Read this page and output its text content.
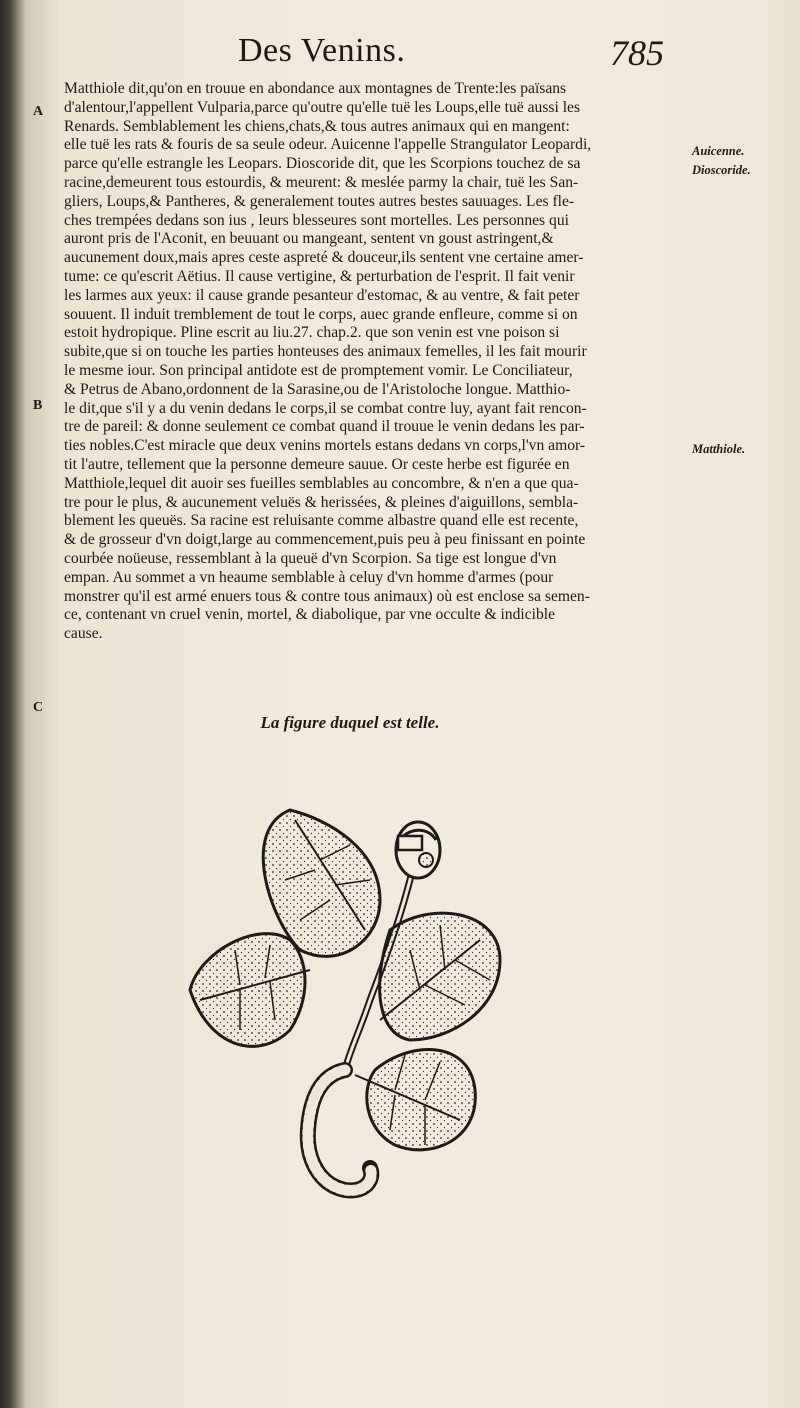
Des Venins.	785
A
B
C
Auicenne.
Dioscoride.
Matthiole.
Matthiole dit,qu'on en trouue en abondance aux montagnes de Trente:les païsans
d'alentour,l'appellent Vulparia,parce qu'outre qu'elle tuë les Loups,elle tuë aussi les
Renards. Semblablement les chiens,chats,& tous autres animaux qui en mangent:
elle tuë les rats & fouris de sa seule odeur. Auicenne l'appelle Strangulator Leopardi,
parce qu'elle estrangle les Leopars. Dioscoride dit, que les Scorpions touchez de sa
racine,demeurent tous estourdis, & meurent: & meslée parmy la chair, tuë les San-
gliers, Loups,& Pantheres, & generalement toutes autres bestes sauuages. Les fle-
ches trempées dedans son ius , leurs blesseures sont mortelles. Les personnes qui
auront pris de l'Aconit, en beuuant ou mangeant, sentent vn goust astringent,&
aucunement doux,mais apres ceste aspreté & douceur,ils sentent vne certaine amer-
tume: ce qu'escrit Aëtius. Il cause vertigine, & perturbation de l'esprit. Il fait venir
les larmes aux yeux: il cause grande pesanteur d'estomac, & au ventre, & fait peter
souuent. Il induit tremblement de tout le corps, auec grande enfleure, comme si on
estoit hydropique. Pline escrit au liu.27. chap.2. que son venin est vne poison si
subite,que si on touche les parties honteuses des animaux femelles, il les fait mourir
le mesme iour. Son principal antidote est de promptement vomir. Le Conciliateur,
& Petrus de Abano,ordonnent de la Sarasine,ou de l'Aristoloche longue. Matthio-
le dit,que s'il y a du venin dedans le corps,il se combat contre luy, ayant fait rencon-
tre de pareil: & donne seulement ce combat quand il trouue le venin dedans les par-
ties nobles.C'est miracle que deux venins mortels estans dedans vn corps,l'vn amor-
tit l'autre, tellement que la personne demeure sauue. Or ceste herbe est figurée en
Matthiole,lequel dit auoir ses fueilles semblables au concombre, & n'en a que qua-
tre pour le plus, & aucunement veluës & herissées, & pleines d'aiguillons, sembla-
blement les queuës. Sa racine est reluisante comme albastre quand elle est recente,
& de grosseur d'vn doigt,large au commencement,puis peu à peu finissant en pointe
courbée noüeuse, ressemblant à la queuë d'vn Scorpion. Sa tige est longue d'vn
empan. Au sommet a vn heaume semblable à celuy d'vn homme d'armes (pour
monstrer qu'il est armé enuers tous & contre tous animaux) où est enclose sa semen-
ce, contenant vn cruel venin, mortel, & diabolique, par vne occulte & indicible
cause.
La figure duquel est telle.
